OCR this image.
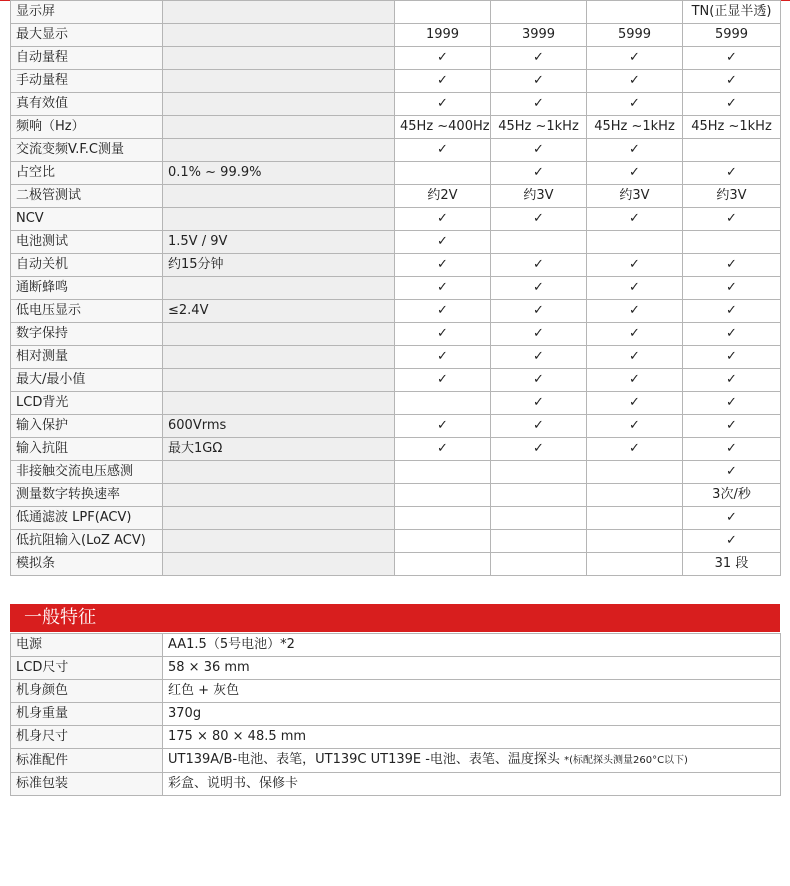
显示屏					TN(正显半透)
最大显示		1999	3999	5999	5999
自动量程		✓	✓	✓	✓
手动量程		✓	✓	✓	✓
真有效值		✓	✓	✓	✓
频响（Hz）		45Hz ~400Hz	45Hz ~1kHz	45Hz ~1kHz	45Hz ~1kHz
交流变频V.F.C测量		✓	✓	✓	
占空比	0.1% ~ 99.9%		✓	✓	✓
二极管测试		约2V	约3V	约3V	约3V
NCV		✓	✓	✓	✓
电池测试	1.5V / 9V	✓			
自动关机	约15分钟	✓	✓	✓	✓
通断蜂鸣		✓	✓	✓	✓
低电压显示	≤2.4V	✓	✓	✓	✓
数字保持		✓	✓	✓	✓
相对测量		✓	✓	✓	✓
最大/最小值		✓	✓	✓	✓
LCD背光			✓	✓	✓
输入保护	600Vrms	✓	✓	✓	✓
输入抗阻	最大1GΩ	✓	✓	✓	✓
非接触交流电压感测					✓
测量数字转换速率					3次/秒
低通滤波 LPF(ACV)					✓
低抗阻输入(LoZ ACV)					✓
模拟条					31 段
一般特征
电源	AA1.5（5号电池）*2
LCD尺寸	58 × 36 mm
机身颜色	红色 + 灰色
机身重量	370g
机身尺寸	175 × 80 × 48.5 mm
标准配件	UT139A/B-电池、表笔，UT139C UT139E -电池、表笔、温度探头 *(标配探头测量260°C以下)
标准包装	彩盒、说明书、保修卡
